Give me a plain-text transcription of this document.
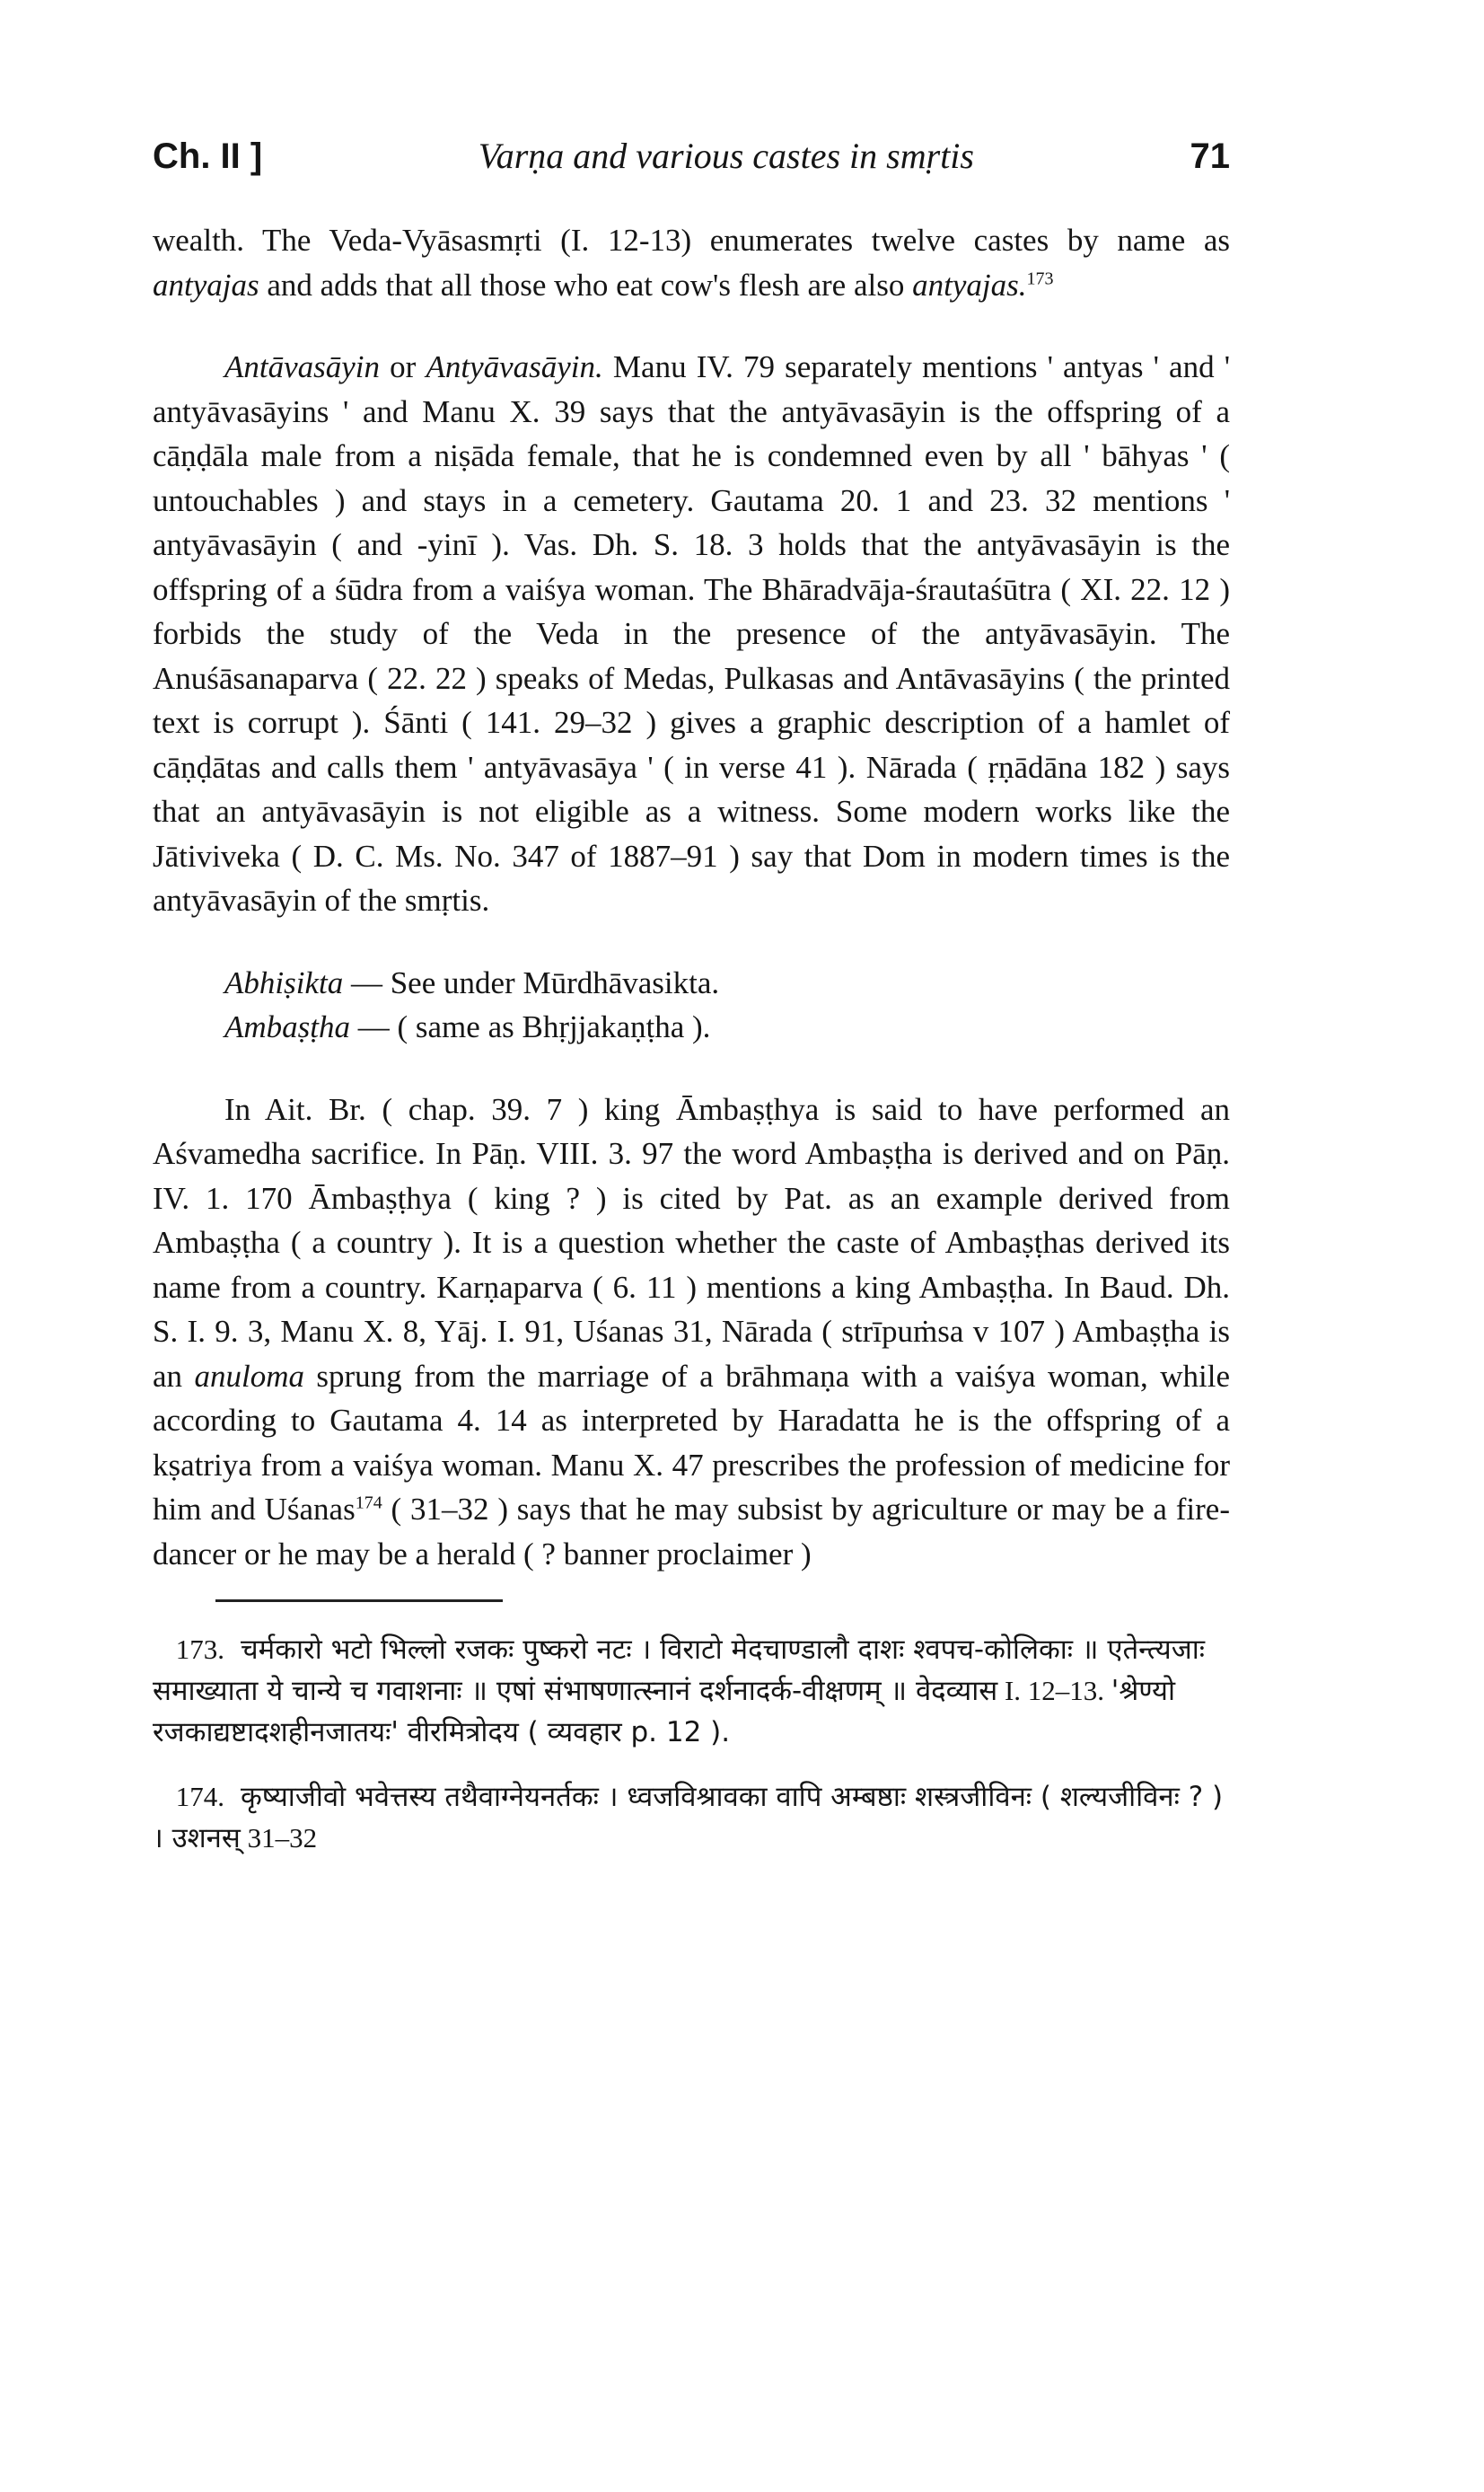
Ch. II ]	Varṇa and various castes in smṛtis	71

wealth. The Veda-Vyāsasmṛti (I. 12-13) enumerates twelve castes by name as antyajas and adds that all those who eat cow's flesh are also antyajas.$^{173}$

Antāvasāyin or Antyāvasāyin. Manu IV. 79 separately mentions ' antyas ' and ' antyāvasāyins ' and Manu X. 39 says that the antyāvasāyin is the offspring of a cāṇḍāla male from a niṣāda female, that he is condemned even by all ' bāhyas ' ( untouchables ) and stays in a cemetery. Gautama 20. 1 and 23. 32 mentions ' antyāvasāyin ( and -yinī ). Vas. Dh. S. 18. 3 holds that the antyāvasāyin is the offspring of a śūdra from a vaiśya woman. The Bhāradvāja-śrautaśūtra ( XI. 22. 12 ) forbids the study of the Veda in the presence of the antyāvasāyin. The Anuśāsanaparva ( 22. 22 ) speaks of Medas, Pulkasas and Antāvasāyins ( the printed text is corrupt ). Śānti ( 141. 29–32 ) gives a graphic description of a hamlet of cāṇḍātas and calls them ' antyāvasāya ' ( in verse 41 ). Nārada ( ṛṇādāna 182 ) says that an antyāvasāyin is not eligible as a witness. Some modern works like the Jātiviveka ( D. C. Ms. No. 347 of 1887–91 ) say that Dom in modern times is the antyāvasāyin of the smṛtis.

Abhiṣikta — See under Mūrdhāvasikta.

Ambaṣṭha — ( same as Bhṛjjakaṇṭha ).

In Ait. Br. ( chap. 39. 7 ) king Āmbaṣṭhya is said to have performed an Aśvamedha sacrifice. In Pāṇ. VIII. 3. 97 the word Ambaṣṭha is derived and on Pāṇ. IV. 1. 170 Āmbaṣṭhya ( king ? ) is cited by Pat. as an example derived from Ambaṣṭha ( a country ). It is a question whether the caste of Ambaṣṭhas derived its name from a country. Karṇaparva ( 6. 11 ) mentions a king Ambaṣṭha. In Baud. Dh. S. I. 9. 3, Manu X. 8, Yāj. I. 91, Uśanas 31, Nārada ( strīpuṁsa v 107 ) Ambaṣṭha is an anuloma sprung from the marriage of a brāhmaṇa with a vaiśya woman, while according to Gautama 4. 14 as interpreted by Haradatta he is the offspring of a kṣatriya from a vaiśya woman. Manu X. 47 prescribes the profession of medicine for him and Uśanas$^{174}$ ( 31–32 ) says that he may subsist by agriculture or may be a fire-dancer or he may be a herald ( ? banner proclaimer )

173. चर्मकारो भटो भिल्लो रजकः पुष्करो नटः । विराटो मेदचाण्डालौ दाशः श्वपच-कोलिकाः ॥ एतेन्त्यजाः समाख्याता ये चान्ये च गवाशनाः ॥ एषां संभाषणात्स्नानं दर्शनादर्क-वीक्षणम् ॥ वेदव्यास I. 12–13. 'श्रेण्यो रजकाद्यष्टादशहीनजातयः' वीरमित्रोदय ( व्यवहार p. 12 ).

174. कृष्याजीवो भवेत्तस्य तथैवाग्नेयनर्तकः । ध्वजविश्रावका वापि अम्बष्ठाः शस्त्रजीविनः ( शल्यजीविनः ? ) । उशनस् 31–32
